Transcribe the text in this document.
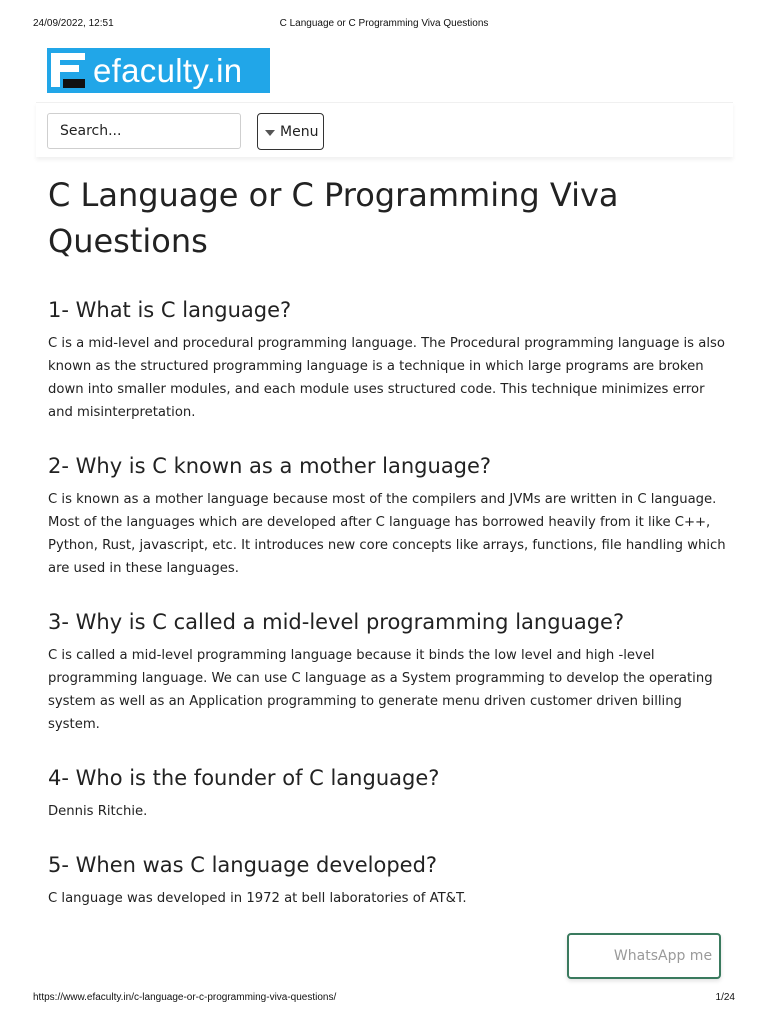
24/09/2022, 12:51	C Language or C Programming Viva Questions
efaculty.in
Search...
Menu
C Language or C Programming Viva Questions
1- What is C language?

C is a mid-level and procedural programming language. The Procedural programming language is also known as the structured programming language is a technique in which large programs are broken down into smaller modules, and each module uses structured code. This technique minimizes error and misinterpretation.

2- Why is C known as a mother language?

C is known as a mother language because most of the compilers and JVMs are written in C language. Most of the languages which are developed after C language has borrowed heavily from it like C++, Python, Rust, javascript, etc. It introduces new core concepts like arrays, functions, file handling which are used in these languages.

3- Why is C called a mid-level programming language?

C is called a mid-level programming language because it binds the low level and high -level programming language. We can use C language as a System programming to develop the operating system as well as an Application programming to generate menu driven customer driven billing system.

4- Who is the founder of C language?

Dennis Ritchie.

5- When was C language developed?

C language was developed in 1972 at bell laboratories of AT&T.

WhatsApp me
https://www.efaculty.in/c-language-or-c-programming-viva-questions/	1/24
